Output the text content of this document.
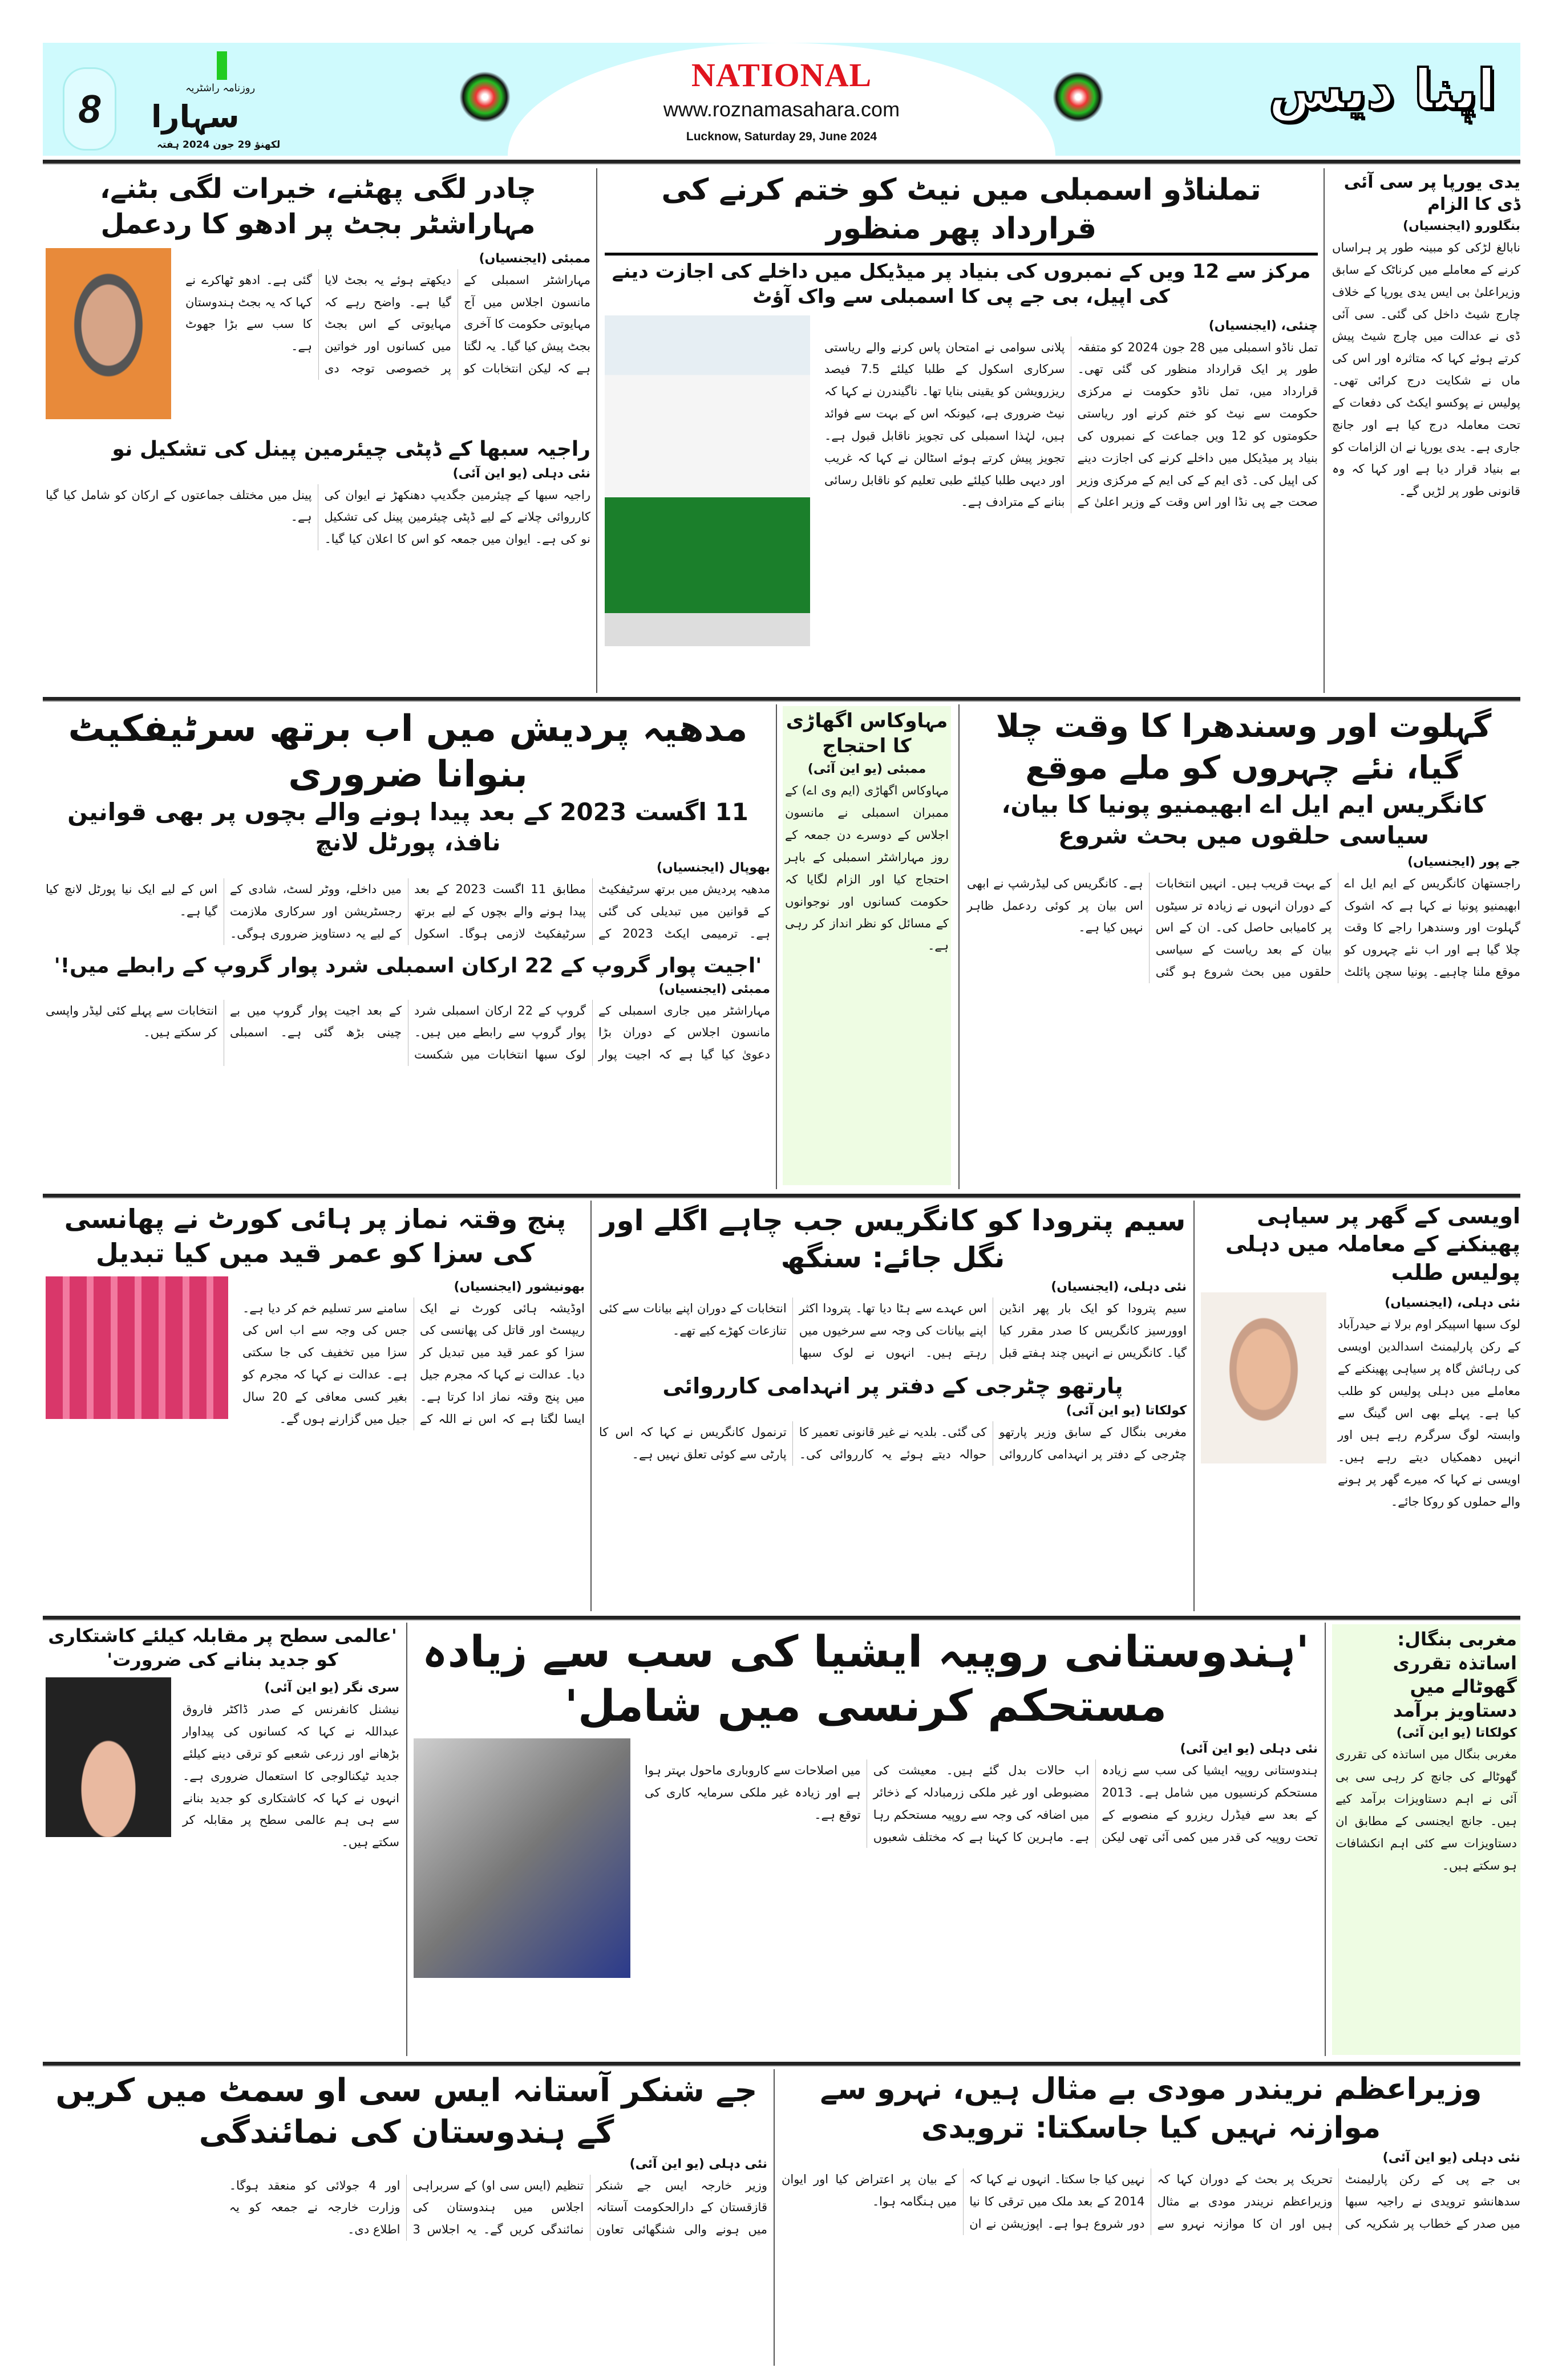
8	روزنامہ راشٹریہ
سہارا
لکھنؤ 29 جون 2024 ہفتہ
NATIONAL
www.roznamasahara.com
Lucknow, Saturday 29, June 2024
اپنا دیس
یدی یورپا پر سی آئی ڈی کا الزام
بنگلورو (ایجنسیاں)
نابالغ لڑکی کو مبینہ طور پر ہراساں کرنے کے معاملے میں کرناٹک کے سابق وزیراعلیٰ بی ایس یدی یورپا کے خلاف چارج شیٹ داخل کی گئی۔ سی آئی ڈی نے عدالت میں چارج شیٹ پیش کرتے ہوئے کہا کہ متاثرہ اور اس کی ماں نے شکایت درج کرائی تھی۔ پولیس نے پوکسو ایکٹ کی دفعات کے تحت معاملہ درج کیا ہے اور جانچ جاری ہے۔ یدی یورپا نے ان الزامات کو بے بنیاد قرار دیا ہے اور کہا کہ وہ قانونی طور پر لڑیں گے۔
تملناڈو اسمبلی میں نیٹ کو ختم کرنے کی قرارداد پھر منظور
مرکز سے 12 ویں کے نمبروں کی بنیاد پر میڈیکل میں داخلے کی اجازت دینے کی اپیل، بی جے پی کا اسمبلی سے واک آؤٹ
چنئی، (ایجنسیاں)
تمل ناڈو اسمبلی میں 28 جون 2024 کو متفقہ طور پر ایک قرارداد منظور کی گئی تھی۔ قرارداد میں، تمل ناڈو حکومت نے مرکزی حکومت سے نیٹ کو ختم کرنے اور ریاستی حکومتوں کو 12 ویں جماعت کے نمبروں کی بنیاد پر میڈیکل میں داخلے کرنے کی اجازت دینے کی اپیل کی۔ ڈی ایم کے کی ایم کے مرکزی وزیر صحت جے پی نڈا اور اس وقت کے وزیر اعلیٰ کے پلانی سوامی نے امتحان پاس کرنے والے ریاستی سرکاری اسکول کے طلبا کیلئے 7.5 فیصد ریزرویشن کو یقینی بنایا تھا۔ ناگیندرن نے کہا کہ نیٹ ضروری ہے، کیونکہ اس کے بہت سے فوائد ہیں، لہٰذا اسمبلی کی تجویز ناقابل قبول ہے۔ تجویز پیش کرتے ہوئے اسٹالن نے کہا کہ غریب اور دیہی طلبا کیلئے طبی تعلیم کو ناقابل رسائی بنانے کے مترادف ہے۔
چادر لگی پھٹنے، خیرات لگی بٹنے، مہاراشٹر بجٹ پر ادھو کا ردعمل
ممبئی (ایجنسیاں)
مہاراشٹر اسمبلی کے مانسون اجلاس میں آج مہایوتی حکومت کا آخری بجٹ پیش کیا گیا۔ یہ لگتا ہے کہ لیکن انتخابات کو دیکھتے ہوئے یہ بجٹ لایا گیا ہے۔ واضح رہے کہ مہایوتی کے اس بجٹ میں کسانوں اور خواتین پر خصوصی توجہ دی گئی ہے۔ ادھو ٹھاکرے نے کہا کہ یہ بجٹ ہندوستان کا سب سے بڑا جھوٹ ہے۔
راجیہ سبھا کے ڈپٹی چیئرمین پینل کی تشکیل نو
نئی دہلی (یو این آئی)
راجیہ سبھا کے چیئرمین جگدیپ دھنکھڑ نے ایوان کی کارروائی چلانے کے لیے ڈپٹی چیئرمین پینل کی تشکیل نو کی ہے۔ ایوان میں جمعہ کو اس کا اعلان کیا گیا۔ پینل میں مختلف جماعتوں کے ارکان کو شامل کیا گیا ہے۔
گہلوت اور وسندھرا کا وقت چلا گیا، نئے چہروں کو ملے موقع
کانگریس ایم ایل اے ابھیمنیو پونیا کا بیان، سیاسی حلقوں میں بحث شروع
جے پور (ایجنسیاں)
راجستھان کانگریس کے ایم ایل اے ابھیمنیو پونیا نے کہا ہے کہ اشوک گہلوت اور وسندھرا راجے کا وقت چلا گیا ہے اور اب نئے چہروں کو موقع ملنا چاہیے۔ پونیا سچن پائلٹ کے بہت قریب ہیں۔ انہیں انتخابات کے دوران انہوں نے زیادہ تر سیٹوں پر کامیابی حاصل کی۔ ان کے اس بیان کے بعد ریاست کے سیاسی حلقوں میں بحث شروع ہو گئی ہے۔ کانگریس کی لیڈرشپ نے ابھی اس بیان پر کوئی ردعمل ظاہر نہیں کیا ہے۔
مہاوکاس اگھاڑی کا احتجاج
ممبئی (یو این آئی)
مہاوکاس اگھاڑی (ایم وی اے) کے ممبران اسمبلی نے مانسون اجلاس کے دوسرے دن جمعہ کے روز مہاراشٹر اسمبلی کے باہر احتجاج کیا اور الزام لگایا کہ حکومت کسانوں اور نوجوانوں کے مسائل کو نظر انداز کر رہی ہے۔
مدھیہ پردیش میں اب برتھ سرٹیفکیٹ بنوانا ضروری
11 اگست 2023 کے بعد پیدا ہونے والے بچوں پر بھی قوانین نافذ، پورٹل لانچ
بھوپال (ایجنسیاں)
مدھیہ پردیش میں برتھ سرٹیفکیٹ کے قوانین میں تبدیلی کی گئی ہے۔ ترمیمی ایکٹ 2023 کے مطابق 11 اگست 2023 کے بعد پیدا ہونے والے بچوں کے لیے برتھ سرٹیفکیٹ لازمی ہوگا۔ اسکول میں داخلے، ووٹر لسٹ، شادی کے رجسٹریشن اور سرکاری ملازمت کے لیے یہ دستاویز ضروری ہوگی۔ اس کے لیے ایک نیا پورٹل لانچ کیا گیا ہے۔
'اجیت پوار گروپ کے 22 ارکان اسمبلی شرد پوار گروپ کے رابطے میں!'
ممبئی (ایجنسیاں)
مہاراشٹر میں جاری اسمبلی کے مانسون اجلاس کے دوران بڑا دعویٰ کیا گیا ہے کہ اجیت پوار گروپ کے 22 ارکان اسمبلی شرد پوار گروپ سے رابطے میں ہیں۔ لوک سبھا انتخابات میں شکست کے بعد اجیت پوار گروپ میں بے چینی بڑھ گئی ہے۔ اسمبلی انتخابات سے پہلے کئی لیڈر واپسی کر سکتے ہیں۔
اویسی کے گھر پر سیاہی پھینکنے کے معاملہ میں دہلی پولیس طلب
نئی دہلی، (ایجنسیاں)
لوک سبھا اسپیکر اوم برلا نے حیدرآباد کے رکن پارلیمنٹ اسدالدین اویسی کی رہائش گاہ پر سیاہی پھینکنے کے معاملے میں دہلی پولیس کو طلب کیا ہے۔ پہلے بھی اس گینگ سے وابستہ لوگ سرگرم رہے ہیں اور انہیں دھمکیاں دیتے رہے ہیں۔ اویسی نے کہا کہ میرے گھر پر ہونے والے حملوں کو روکا جائے۔
سیم پترودا کو کانگریس جب چاہے اگلے اور نگل جائے: سنگھ
نئی دہلی، (ایجنسیاں)
سیم پترودا کو ایک بار پھر انڈین اوورسیز کانگریس کا صدر مقرر کیا گیا۔ کانگریس نے انہیں چند ہفتے قبل اس عہدے سے ہٹا دیا تھا۔ پترودا اکثر اپنے بیانات کی وجہ سے سرخیوں میں رہتے ہیں۔ انہوں نے لوک سبھا انتخابات کے دوران اپنے بیانات سے کئی تنازعات کھڑے کیے تھے۔
پارتھو چٹرجی کے دفتر پر انہدامی کارروائی
کولکاتا (یو این آئی)
مغربی بنگال کے سابق وزیر پارتھو چٹرجی کے دفتر پر انہدامی کارروائی کی گئی۔ بلدیہ نے غیر قانونی تعمیر کا حوالہ دیتے ہوئے یہ کارروائی کی۔ ترنمول کانگریس نے کہا کہ اس کا پارٹی سے کوئی تعلق نہیں ہے۔
پنج وقتہ نماز پر ہائی کورٹ نے پھانسی کی سزا کو عمر قید میں کیا تبدیل
بھونیشور (ایجنسیاں)
اوڈیشہ ہائی کورٹ نے ایک ریپسٹ اور قاتل کی پھانسی کی سزا کو عمر قید میں تبدیل کر دیا۔ عدالت نے کہا کہ مجرم جیل میں پنج وقتہ نماز ادا کرتا ہے۔ ایسا لگتا ہے کہ اس نے اللہ کے سامنے سر تسلیم خم کر دیا ہے۔ جس کی وجہ سے اب اس کی سزا میں تخفیف کی جا سکتی ہے۔ عدالت نے کہا کہ مجرم کو بغیر کسی معافی کے 20 سال جیل میں گزارنے ہوں گے۔
مغربی بنگال: اساتذہ تقرری گھوٹالے میں دستاویز برآمد
کولکاتا (یو این آئی)
مغربی بنگال میں اساتذہ کی تقرری گھوٹالے کی جانچ کر رہی سی بی آئی نے اہم دستاویزات برآمد کیے ہیں۔ جانچ ایجنسی کے مطابق ان دستاویزات سے کئی اہم انکشافات ہو سکتے ہیں۔
'ہندوستانی روپیہ ایشیا کی سب سے زیادہ مستحکم کرنسی میں شامل'
نئی دہلی (یو این آئی)
ہندوستانی روپیہ ایشیا کی سب سے زیادہ مستحکم کرنسیوں میں شامل ہے۔ 2013 کے بعد سے فیڈرل ریزرو کے منصوبے کے تحت روپیہ کی قدر میں کمی آئی تھی لیکن اب حالات بدل گئے ہیں۔ معیشت کی مضبوطی اور غیر ملکی زرمبادلہ کے ذخائر میں اضافہ کی وجہ سے روپیہ مستحکم رہا ہے۔ ماہرین کا کہنا ہے کہ مختلف شعبوں میں اصلاحات سے کاروباری ماحول بہتر ہوا ہے اور زیادہ غیر ملکی سرمایہ کاری کی توقع ہے۔
'عالمی سطح پر مقابلہ کیلئے کاشتکاری کو جدید بنانے کی ضرورت'
سری نگر (یو این آئی)
نیشنل کانفرنس کے صدر ڈاکٹر فاروق عبداللہ نے کہا کہ کسانوں کی پیداوار بڑھانے اور زرعی شعبے کو ترقی دینے کیلئے جدید ٹیکنالوجی کا استعمال ضروری ہے۔ انہوں نے کہا کہ کاشتکاری کو جدید بنانے سے ہی ہم عالمی سطح پر مقابلہ کر سکتے ہیں۔
وزیراعظم نریندر مودی بے مثال ہیں، نہرو سے موازنہ نہیں کیا جاسکتا: ترویدی
نئی دہلی (یو این آئی)
بی جے پی کے رکن پارلیمنٹ سدھانشو ترویدی نے راجیہ سبھا میں صدر کے خطاب پر شکریہ کی تحریک پر بحث کے دوران کہا کہ وزیراعظم نریندر مودی بے مثال ہیں اور ان کا موازنہ نہرو سے نہیں کیا جا سکتا۔ انہوں نے کہا کہ 2014 کے بعد ملک میں ترقی کا نیا دور شروع ہوا ہے۔ اپوزیشن نے ان کے بیان پر اعتراض کیا اور ایوان میں ہنگامہ ہوا۔
جے شنکر آستانہ ایس سی او سمٹ میں کریں گے ہندوستان کی نمائندگی
نئی دہلی (یو این آئی)
وزیر خارجہ ایس جے شنکر قازقستان کے دارالحکومت آستانہ میں ہونے والی شنگھائی تعاون تنظیم (ایس سی او) کے سربراہی اجلاس میں ہندوستان کی نمائندگی کریں گے۔ یہ اجلاس 3 اور 4 جولائی کو منعقد ہوگا۔ وزارت خارجہ نے جمعہ کو یہ اطلاع دی۔
